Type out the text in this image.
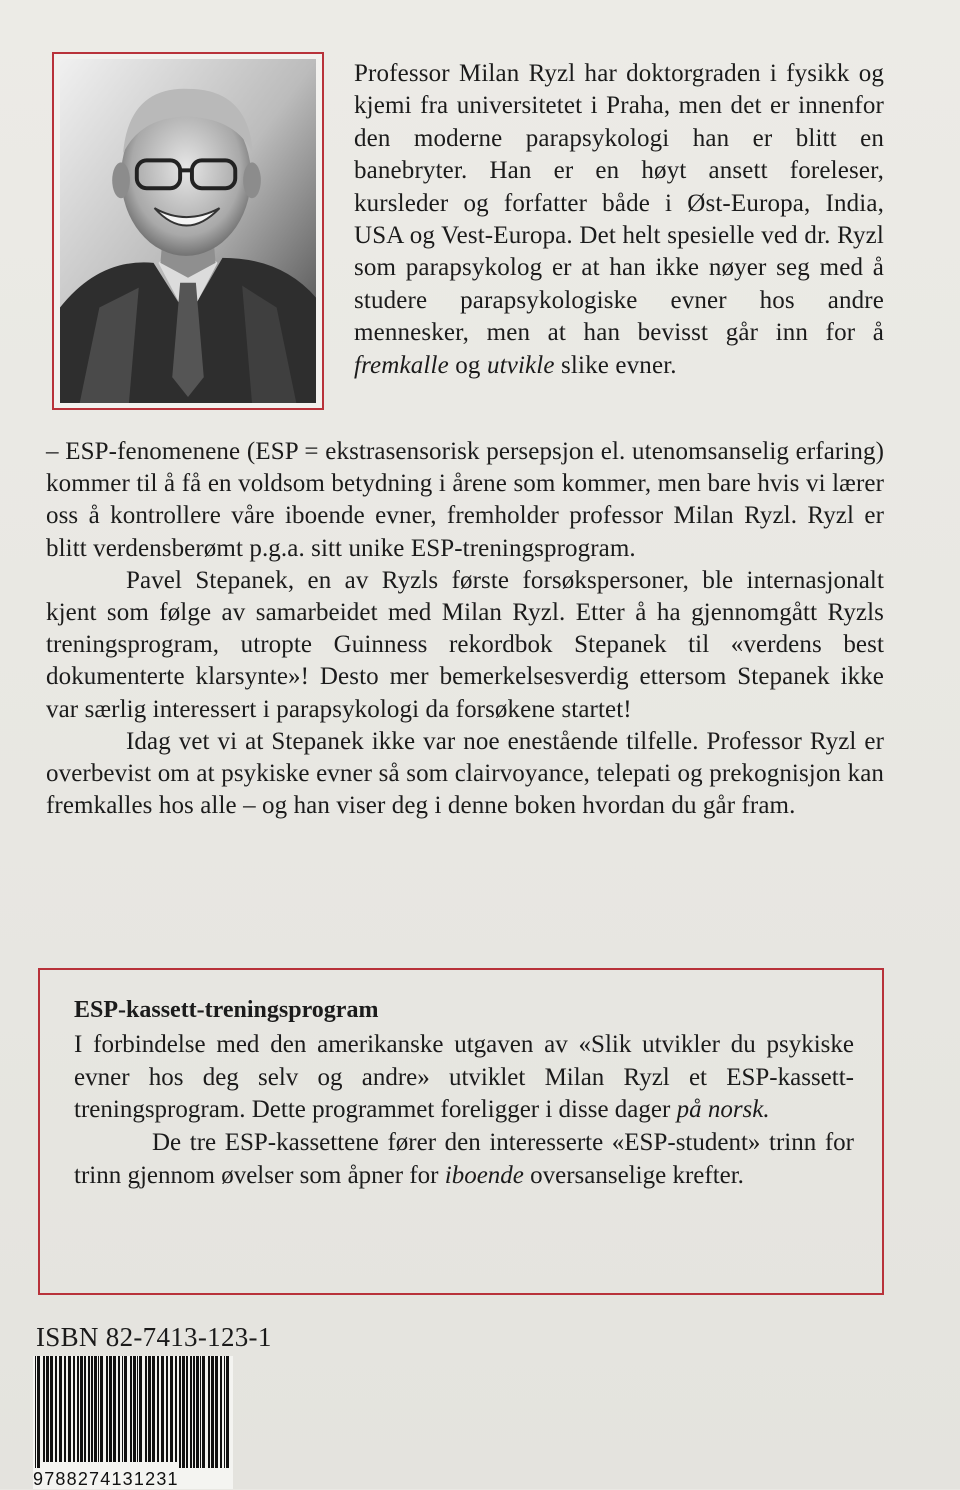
Professor Milan Ryzl har doktorgraden i fysikk og kjemi fra universitetet i Praha, men det er innenfor den moderne parapsykologi han er blitt en banebryter. Han er en høyt ansett foreleser, kursleder og forfatter både i Øst-Europa, India, USA og Vest-Europa. Det helt spesielle ved dr. Ryzl som parapsykolog er at han ikke nøyer seg med å studere parapsykologiske evner hos andre mennesker, men at han bevisst går inn for å fremkalle og utvikle slike evner.

– ESP-fenomenene (ESP = ekstrasensorisk persepsjon el. utenomsanselig erfaring) kommer til å få en voldsom betydning i årene som kommer, men bare hvis vi lærer oss å kontrollere våre iboende evner, fremholder professor Milan Ryzl. Ryzl er blitt verdensberømt p.g.a. sitt unike ESP-treningsprogram.

Pavel Stepanek, en av Ryzls første forsøkspersoner, ble internasjonalt kjent som følge av samarbeidet med Milan Ryzl. Etter å ha gjennomgått Ryzls treningsprogram, utropte Guinness rekordbok Stepanek til «verdens best dokumenterte klarsynte»! Desto mer bemerkelsesverdig ettersom Stepanek ikke var særlig interessert i parapsykologi da forsøkene startet!

Idag vet vi at Stepanek ikke var noe enestående tilfelle. Professor Ryzl er overbevist om at psykiske evner så som clairvoyance, telepati og prekognisjon kan fremkalles hos alle – og han viser deg i denne boken hvordan du går fram.

ESP-kassett-treningsprogram

I forbindelse med den amerikanske utgaven av «Slik utvikler du psykiske evner hos deg selv og andre» utviklet Milan Ryzl et ESP-kassett-treningsprogram. Dette programmet foreligger i disse dager på norsk.

De tre ESP-kassettene fører den interesserte «ESP-student» trinn for trinn gjennom øvelser som åpner for iboende oversanselige krefter.

ISBN 82-7413-123-1
9788274131231
